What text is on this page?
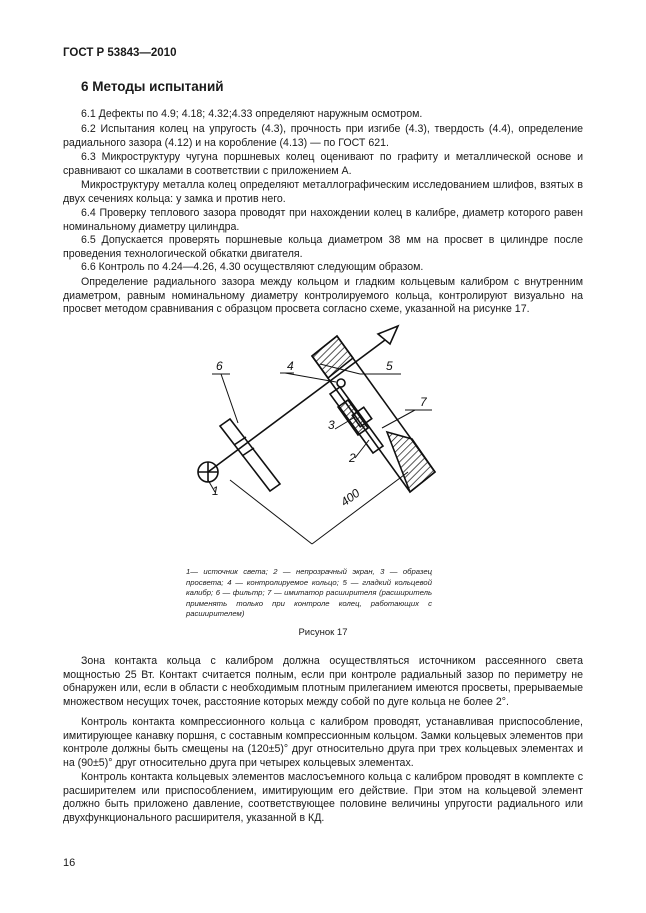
ГОСТ Р 53843—2010
6 Методы испытаний

6.1 Дефекты по 4.9; 4.18; 4.32;4.33 определяют наружным осмотром.

6.2 Испытания колец на упругость (4.3), прочность при изгибе (4.3), твердость (4.4), определение радиального зазора (4.12) и на коробление (4.13) — по ГОСТ 621.

6.3 Микроструктуру чугуна поршневых колец оценивают по графиту и металлической основе и сравнивают со шкалами в соответствии с приложением А.

Микроструктуру металла колец определяют металлографическим исследованием шлифов, взятых в двух сечениях кольца: у замка и против него.

6.4 Проверку теплового зазора проводят при нахождении колец в калибре, диаметр которого равен номинальному диаметру цилиндра.

6.5 Допускается проверять поршневые кольца диаметром 38 мм на просвет в цилиндре после проведения технологической обкатки двигателя.

6.6 Контроль по 4.24—4.26, 4.30 осуществляют следующим образом.

Определение радиального зазора между кольцом и гладким кольцевым калибром с внутренним диаметром, равным номинальному диаметру контролируемого кольца, контролируют визуально на просвет методом сравнивания с образцом просвета согласно схеме, указанной на рисунке 17.

6	4	5
7
3
2
1	400
1— источник света; 2 — непрозрачный экран, 3 — образец просвета; 4 — контролируемое кольцо; 5 — гладкий кольцевой калибр; 6 — фильтр; 7 — имитатор расширителя (расширитель применять только при контроле колец, работающих с расширителем)
Рисунок 17

Зона контакта кольца с калибром должна осуществляться источником рассеянного света мощностью 25 Вт. Контакт считается полным, если при контроле радиальный зазор по периметру не обнаружен или, если в области с необходимым плотным прилеганием имеются просветы, прерываемые множеством несущих точек, расстояние которых между собой по дуге кольца не более 2°.

Контроль контакта компрессионного кольца с калибром проводят, устанавливая приспособление, имитирующее канавку поршня, с составным компрессионным кольцом. Замки кольцевых элементов при контроле должны быть смещены на (120±5)° друг относительно друга при трех кольцевых элементах и на (90±5)° друг относительно друга при четырех кольцевых элементах.

Контроль контакта кольцевых элементов маслосъемного кольца с калибром проводят в комплекте с расширителем или приспособлением, имитирующим его действие. При этом на кольцевой элемент должно быть приложено давление, соответствующее половине величины упругости радиального или двухфункционального расширителя, указанной в КД.

16
